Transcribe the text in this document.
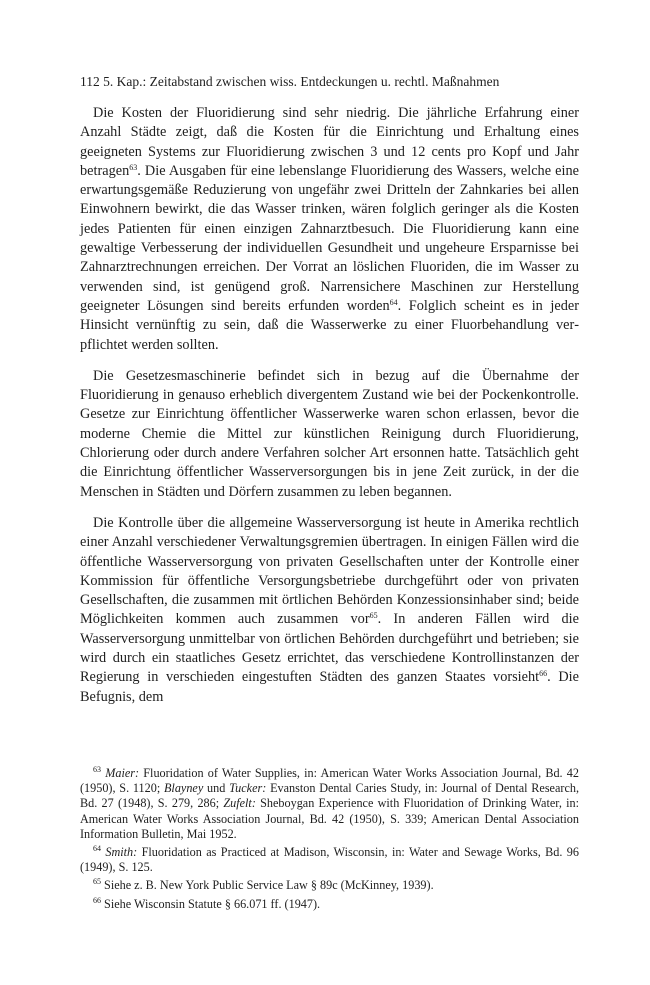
112 5. Kap.: Zeitabstand zwischen wiss. Entdeckungen u. rechtl. Maßnahmen

Die Kosten der Fluoridierung sind sehr niedrig. Die jährliche Erfahrung einer Anzahl Städte zeigt, daß die Kosten für die Einrichtung und Erhaltung eines geeigneten Systems zur Fluoridierung zwischen 3 und 12 cents pro Kopf und Jahr betragen$^{63}$. Die Ausgaben für eine lebenslange Fluoridierung des Wassers, welche eine erwartungsgemäße Reduzierung von ungefähr zwei Dritteln der Zahnkaries bei allen Einwohnern bewirkt, die das Wasser trinken, wären folglich geringer als die Kosten jedes Patienten für einen einzigen Zahnarztbesuch. Die Fluoridierung kann eine gewaltige Verbesserung der individuellen Gesundheit und ungeheure Ersparnisse bei Zahnarztrechnungen erreichen. Der Vorrat an löslichen Fluoriden, die im Wasser zu verwenden sind, ist genügend groß. Narrensichere Maschinen zur Herstellung geeigneter Lösungen sind bereits erfunden worden$^{64}$. Folglich scheint es in jeder Hinsicht vernünftig zu sein, daß die Wasserwerke zu einer Fluorbehandlung verpflichtet werden sollten.

Die Gesetzesmaschinerie befindet sich in bezug auf die Übernahme der Fluoridierung in genauso erheblich divergentem Zustand wie bei der Pockenkontrolle. Gesetze zur Einrichtung öffentlicher Wasserwerke waren schon erlassen, bevor die moderne Chemie die Mittel zur künstlichen Reinigung durch Fluoridierung, Chlorierung oder durch andere Verfahren solcher Art ersonnen hatte. Tatsächlich geht die Einrichtung öffentlicher Wasserversorgungen bis in jene Zeit zurück, in der die Menschen in Städten und Dörfern zusammen zu leben begannen.

Die Kontrolle über die allgemeine Wasserversorgung ist heute in Amerika rechtlich einer Anzahl verschiedener Verwaltungsgremien übertragen. In einigen Fällen wird die öffentliche Wasserversorgung von privaten Gesellschaften unter der Kontrolle einer Kommission für öffentliche Versorgungsbetriebe durchgeführt oder von privaten Gesellschaften, die zusammen mit örtlichen Behörden Konzessionsinhaber sind; beide Möglichkeiten kommen auch zusammen vor$^{65}$. In anderen Fällen wird die Wasserversorgung unmittelbar von örtlichen Behörden durchgeführt und betrieben; sie wird durch ein staatliches Gesetz errichtet, das verschiedene Kontrollinstanzen der Regierung in verschieden eingestuften Städten des ganzen Staates vorsieht$^{66}$. Die Befugnis, dem

$^{63}$ Maier: Fluoridation of Water Supplies, in: American Water Works Association Journal, Bd. 42 (1950), S. 1120; Blayney und Tucker: Evanston Dental Caries Study, in: Journal of Dental Research, Bd. 27 (1948), S. 279, 286; Zufelt: Sheboygan Experience with Fluoridation of Drinking Water, in: American Water Works Association Journal, Bd. 42 (1950), S. 339; American Dental Association Information Bulletin, Mai 1952.

$^{64}$ Smith: Fluoridation as Practiced at Madison, Wisconsin, in: Water and Sewage Works, Bd. 96 (1949), S. 125.

$^{65}$ Siehe z. B. New York Public Service Law § 89c (McKinney, 1939).

$^{66}$ Siehe Wisconsin Statute § 66.071 ff. (1947).
